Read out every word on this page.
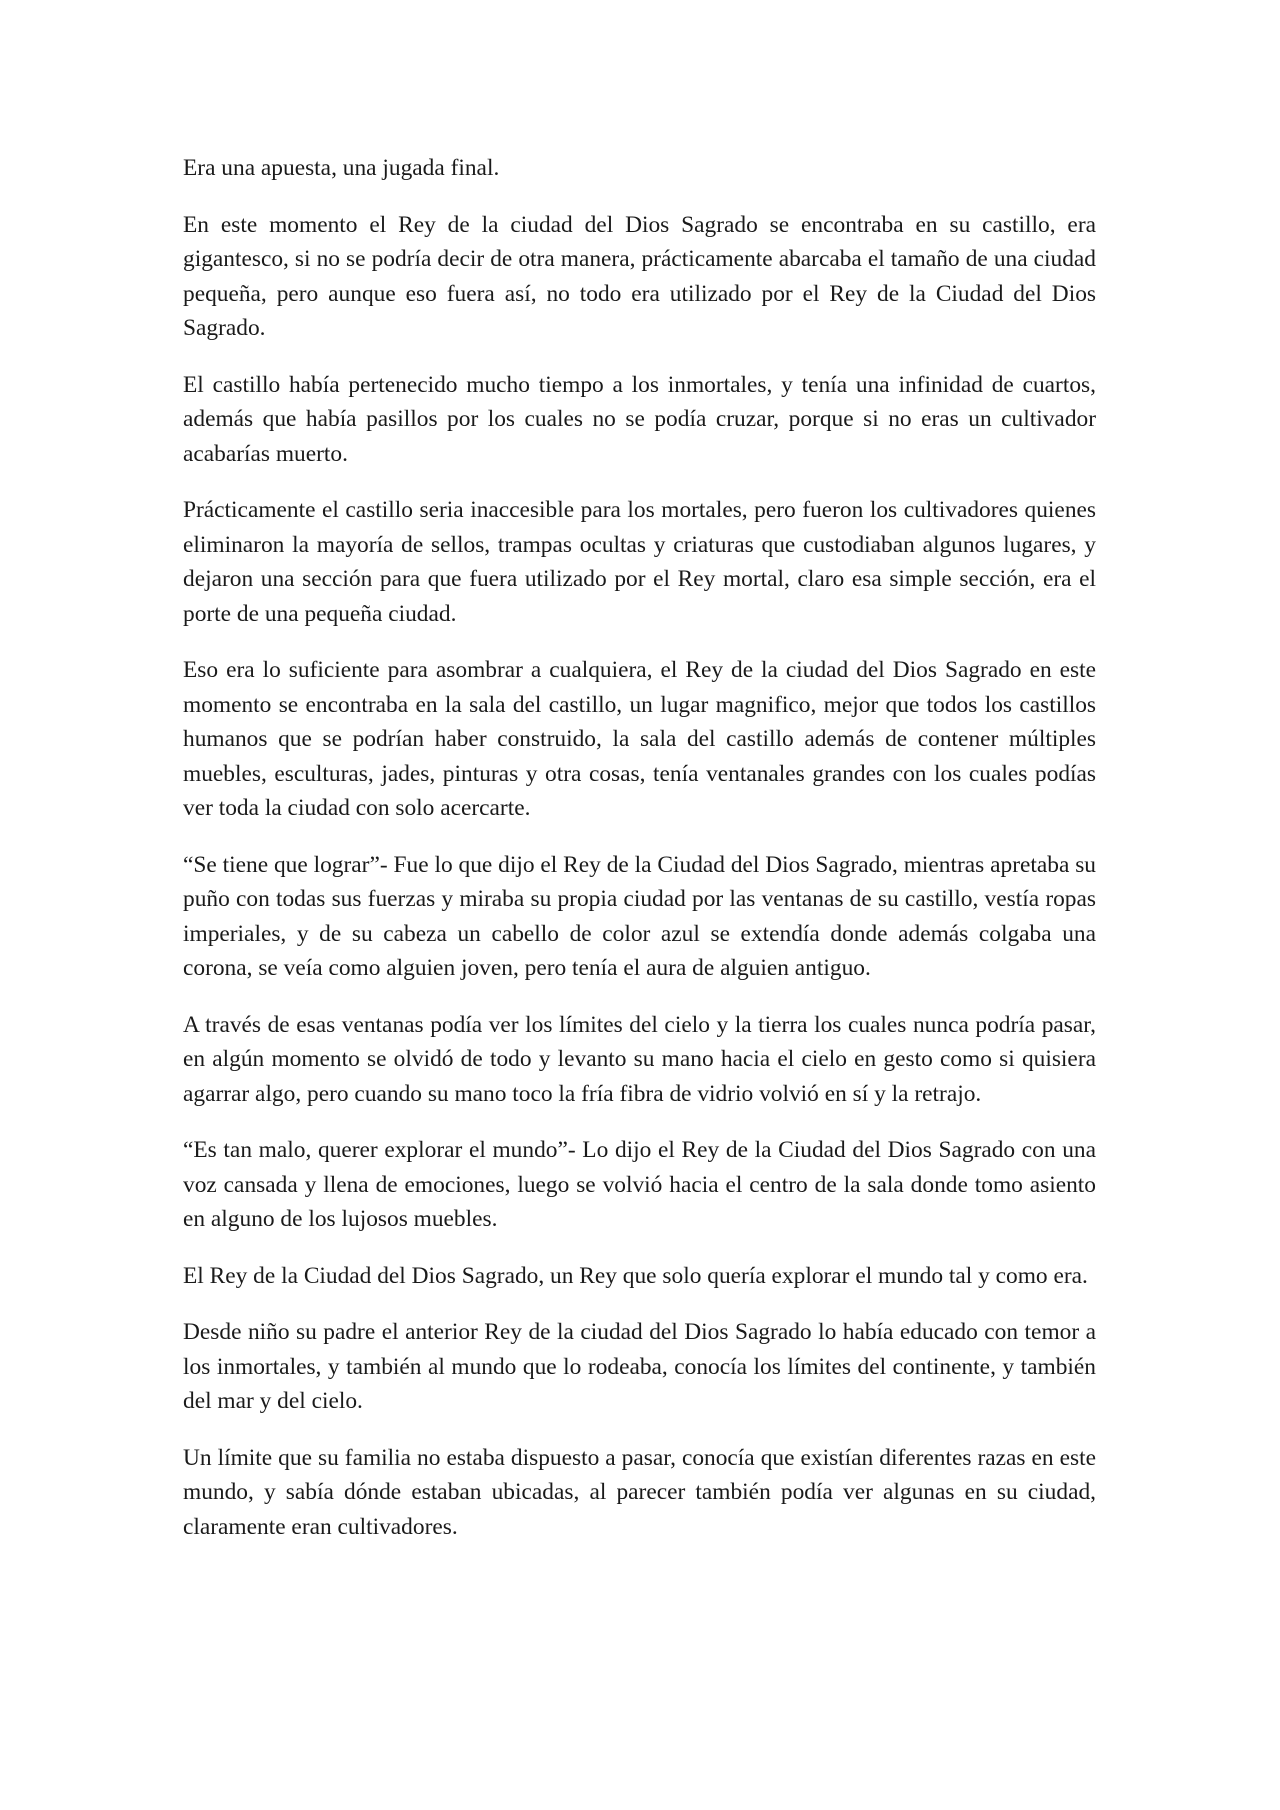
Era una apuesta, una jugada final.

En este momento el Rey de la ciudad del Dios Sagrado se encontraba en su castillo, era gigantesco, si no se podría decir de otra manera, prácticamente abarcaba el tamaño de una ciudad pequeña, pero aunque eso fuera así, no todo era utilizado por el Rey de la Ciudad del Dios Sagrado.

El castillo había pertenecido mucho tiempo a los inmortales, y tenía una infinidad de cuartos, además que había pasillos por los cuales no se podía cruzar, porque si no eras un cultivador acabarías muerto.

Prácticamente el castillo seria inaccesible para los mortales, pero fueron los cultivadores quienes eliminaron la mayoría de sellos, trampas ocultas y criaturas que custodiaban algunos lugares, y dejaron una sección para que fuera utilizado por el Rey mortal, claro esa simple sección, era el porte de una pequeña ciudad.

Eso era lo suficiente para asombrar a cualquiera, el Rey de la ciudad del Dios Sagrado en este momento se encontraba en la sala del castillo, un lugar magnifico, mejor que todos los castillos humanos que se podrían haber construido, la sala del castillo además de contener múltiples muebles, esculturas, jades, pinturas y otra cosas, tenía ventanales grandes con los cuales podías ver toda la ciudad con solo acercarte.

“Se tiene que lograr”- Fue lo que dijo el Rey de la Ciudad del Dios Sagrado, mientras apretaba su puño con todas sus fuerzas y miraba su propia ciudad por las ventanas de su castillo, vestía ropas imperiales, y de su cabeza un cabello de color azul se extendía donde además colgaba una corona, se veía como alguien joven, pero tenía el aura de alguien antiguo.

A través de esas ventanas podía ver los límites del cielo y la tierra los cuales nunca podría pasar, en algún momento se olvidó de todo y levanto su mano hacia el cielo en gesto como si quisiera agarrar algo, pero cuando su mano toco la fría fibra de vidrio volvió en sí y la retrajo.

“Es tan malo, querer explorar el mundo”- Lo dijo el Rey de la Ciudad del Dios Sagrado con una voz cansada y llena de emociones, luego se volvió hacia el centro de la sala donde tomo asiento en alguno de los lujosos muebles.

El Rey de la Ciudad del Dios Sagrado, un Rey que solo quería explorar el mundo tal y como era.

Desde niño su padre el anterior Rey de la ciudad del Dios Sagrado lo había educado con temor a los inmortales, y también al mundo que lo rodeaba, conocía los límites del continente, y también del mar y del cielo.

Un límite que su familia no estaba dispuesto a pasar, conocía que existían diferentes razas en este mundo, y sabía dónde estaban ubicadas, al parecer también podía ver algunas en su ciudad, claramente eran cultivadores.
